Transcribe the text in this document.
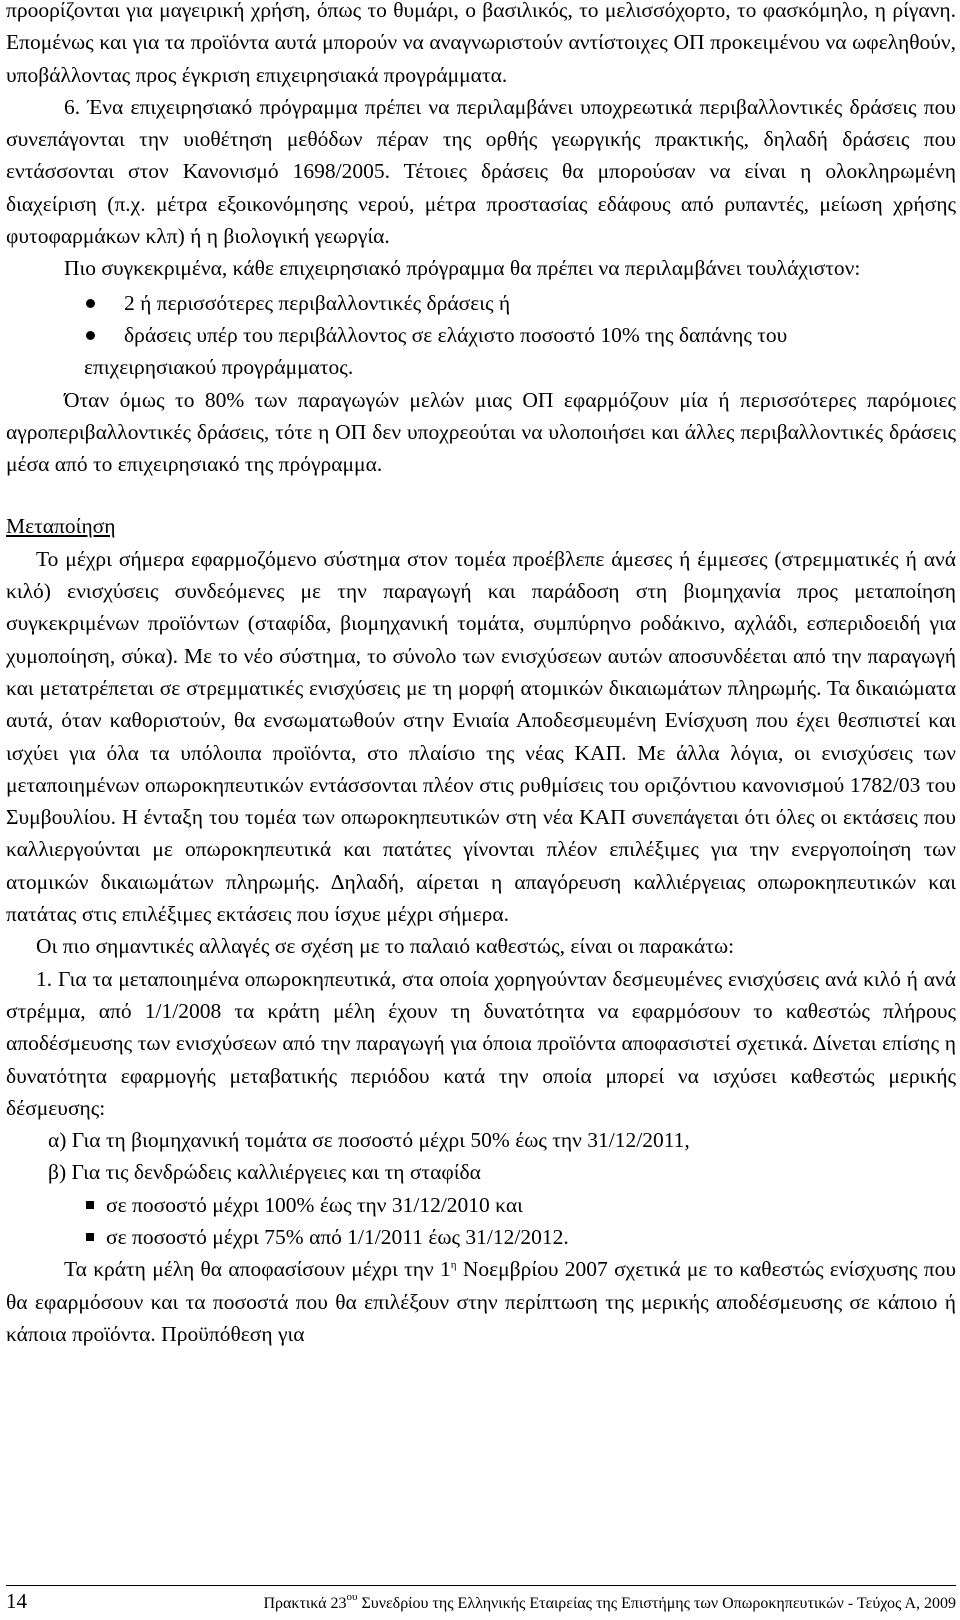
προορίζονται για μαγειρική χρήση, όπως το θυμάρι, ο βασιλικός, το μελισσόχορτο, το φασκόμηλο, η ρίγανη. Επομένως και για τα προϊόντα αυτά μπορούν να αναγνωριστούν αντίστοιχες ΟΠ προκειμένου να ωφεληθούν, υποβάλλοντας προς έγκριση επιχειρησιακά προγράμματα.

6. Ένα επιχειρησιακό πρόγραμμα πρέπει να περιλαμβάνει υποχρεωτικά περιβαλλοντικές δράσεις που συνεπάγονται την υιοθέτηση μεθόδων πέραν της ορθής γεωργικής πρακτικής, δηλαδή δράσεις που εντάσσονται στον Κανονισμό 1698/2005. Τέτοιες δράσεις θα μπορούσαν να είναι η ολοκληρωμένη διαχείριση (π.χ. μέτρα εξοικονόμησης νερού, μέτρα προστασίας εδάφους από ρυπαντές, μείωση χρήσης φυτοφαρμάκων κλπ) ή η βιολογική γεωργία.

Πιο συγκεκριμένα, κάθε επιχειρησιακό πρόγραμμα θα πρέπει να περιλαμβάνει τουλάχιστον:

2 ή περισσότερες περιβαλλοντικές δράσεις ή
δράσεις υπέρ του περιβάλλοντος σε ελάχιστο ποσοστό 10% της δαπάνης του
επιχειρησιακού προγράμματος.

Όταν όμως το 80% των παραγωγών μελών μιας ΟΠ εφαρμόζουν μία ή περισσότερες παρόμοιες αγροπεριβαλλοντικές δράσεις, τότε η ΟΠ δεν υποχρεούται να υλοποιήσει και άλλες περιβαλλοντικές δράσεις μέσα από το επιχειρησιακό της πρόγραμμα.

Μεταποίηση

Το μέχρι σήμερα εφαρμοζόμενο σύστημα στον τομέα προέβλεπε άμεσες ή έμμεσες (στρεμματικές ή ανά κιλό) ενισχύσεις συνδεόμενες με την παραγωγή και παράδοση στη βιομηχανία προς μεταποίηση συγκεκριμένων προϊόντων (σταφίδα, βιομηχανική τομάτα, συμπύρηνο ροδάκινο, αχλάδι, εσπεριδοειδή για χυμοποίηση, σύκα). Με το νέο σύστημα, το σύνολο των ενισχύσεων αυτών αποσυνδέεται από την παραγωγή και μετατρέπεται σε στρεμματικές ενισχύσεις με τη μορφή ατομικών δικαιωμάτων πληρωμής. Τα δικαιώματα αυτά, όταν καθοριστούν, θα ενσωματωθούν στην Ενιαία Αποδεσμευμένη Ενίσχυση που έχει θεσπιστεί και ισχύει για όλα τα υπόλοιπα προϊόντα, στο πλαίσιο της νέας ΚΑΠ. Με άλλα λόγια, οι ενισχύσεις των μεταποιημένων οπωροκηπευτικών εντάσσονται πλέον στις ρυθμίσεις του οριζόντιου κανονισμού 1782/03 του Συμβουλίου. Η ένταξη του τομέα των οπωροκηπευτικών στη νέα ΚΑΠ συνεπάγεται ότι όλες οι εκτάσεις που καλλιεργούνται με οπωροκηπευτικά και πατάτες γίνονται πλέον επιλέξιμες για την ενεργοποίηση των ατομικών δικαιωμάτων πληρωμής. Δηλαδή, αίρεται η απαγόρευση καλλιέργειας οπωροκηπευτικών και πατάτας στις επιλέξιμες εκτάσεις που ίσχυε μέχρι σήμερα.

Οι πιο σημαντικές αλλαγές σε σχέση με το παλαιό καθεστώς, είναι οι παρακάτω:

1. Για τα μεταποιημένα οπωροκηπευτικά, στα οποία χορηγούνταν δεσμευμένες ενισχύσεις ανά κιλό ή ανά στρέμμα, από 1/1/2008 τα κράτη μέλη έχουν τη δυνατότητα να εφαρμόσουν το καθεστώς πλήρους αποδέσμευσης των ενισχύσεων από την παραγωγή για όποια προϊόντα αποφασιστεί σχετικά. Δίνεται επίσης η δυνατότητα εφαρμογής μεταβατικής περιόδου κατά την οποία μπορεί να ισχύσει καθεστώς μερικής δέσμευσης:

α) Για τη βιομηχανική τομάτα σε ποσοστό μέχρι 50% έως την 31/12/2011,

β) Για τις δενδρώδεις καλλιέργειες και τη σταφίδα

σε ποσοστό μέχρι 100% έως την 31/12/2010 και
σε ποσοστό μέχρι 75% από 1/1/2011 έως 31/12/2012.

Τα κράτη μέλη θα αποφασίσουν μέχρι την $1^\eta$ Νοεμβρίου 2007 σχετικά με το καθεστώς ενίσχυσης που θα εφαρμόσουν και τα ποσοστά που θα επιλέξουν στην περίπτωση της μερικής αποδέσμευσης σε κάποιο ή κάποια προϊόντα. Προϋπόθεση για

14	Πρακτικά $23^{o\upsilon}$ Συνεδρίου της Ελληνικής Εταιρείας της Επιστήμης των Οπωροκηπευτικών - Τεύχος Α, 2009
